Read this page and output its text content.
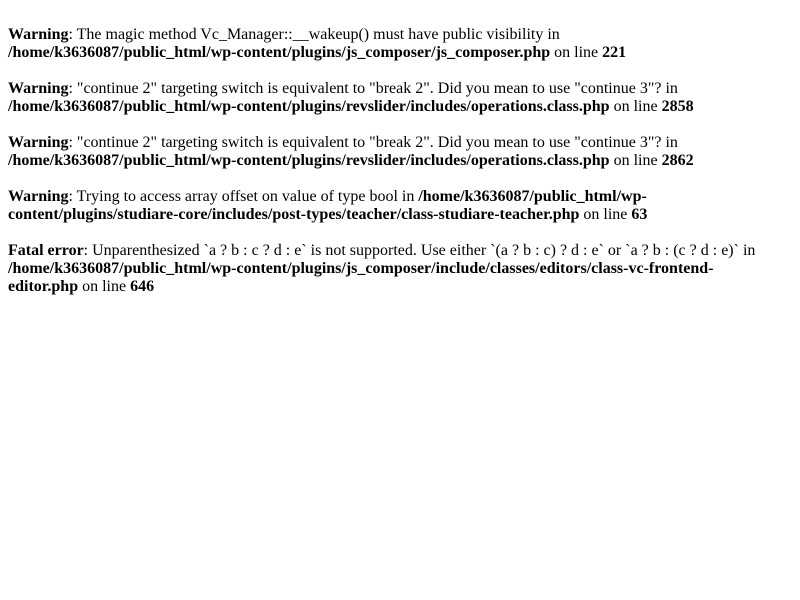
Warning: The magic method Vc_Manager::__wakeup() must have public visibility in /home/k3636087/public_html/wp-content/plugins/js_composer/js_composer.php on line 221

Warning: "continue 2" targeting switch is equivalent to "break 2". Did you mean to use "continue 3"? in /home/k3636087/public_html/wp-content/plugins/revslider/includes/operations.class.php on line 2858

Warning: "continue 2" targeting switch is equivalent to "break 2". Did you mean to use "continue 3"? in /home/k3636087/public_html/wp-content/plugins/revslider/includes/operations.class.php on line 2862

Warning: Trying to access array offset on value of type bool in /home/k3636087/public_html/wp-content/plugins/studiare-core/includes/post-types/teacher/class-studiare-teacher.php on line 63

Fatal error: Unparenthesized `a ? b : c ? d : e` is not supported. Use either `(a ? b : c) ? d : e` or `a ? b : (c ? d : e)` in /home/k3636087/public_html/wp-content/plugins/js_composer/include/classes/editors/class-vc-frontend-editor.php on line 646
